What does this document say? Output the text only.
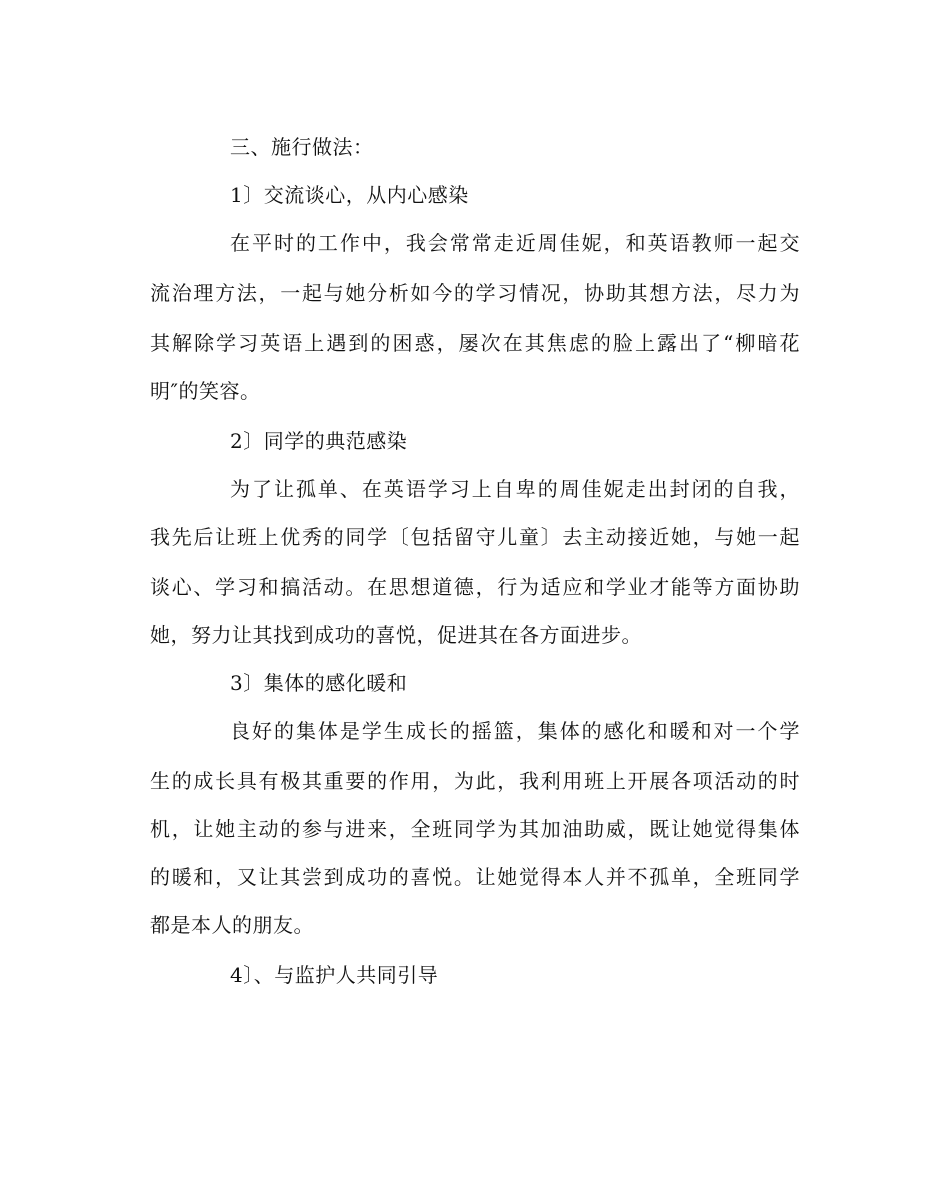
三、施行做法：

1〕交流谈心，从内心感染

在平时的工作中，我会常常走近周佳妮，和英语教师一起交

流治理方法，一起与她分析如今的学习情况，协助其想方法，尽力为

其解除学习英语上遇到的困惑，屡次在其焦虑的脸上露出了“柳暗花

明″的笑容。

2〕同学的典范感染

为了让孤单、在英语学习上自卑的周佳妮走出封闭的自我，

我先后让班上优秀的同学〔包括留守儿童〕去主动接近她，与她一起

谈心、学习和搞活动。在思想道德，行为适应和学业才能等方面协助

她，努力让其找到成功的喜悦，促进其在各方面进步。

3〕集体的感化暖和

良好的集体是学生成长的摇篮，集体的感化和暖和对一个学

生的成长具有极其重要的作用，为此，我利用班上开展各项活动的时

机，让她主动的参与进来，全班同学为其加油助威，既让她觉得集体

的暖和，又让其尝到成功的喜悦。让她觉得本人并不孤单，全班同学

都是本人的朋友。

4〕、与监护人共同引导
